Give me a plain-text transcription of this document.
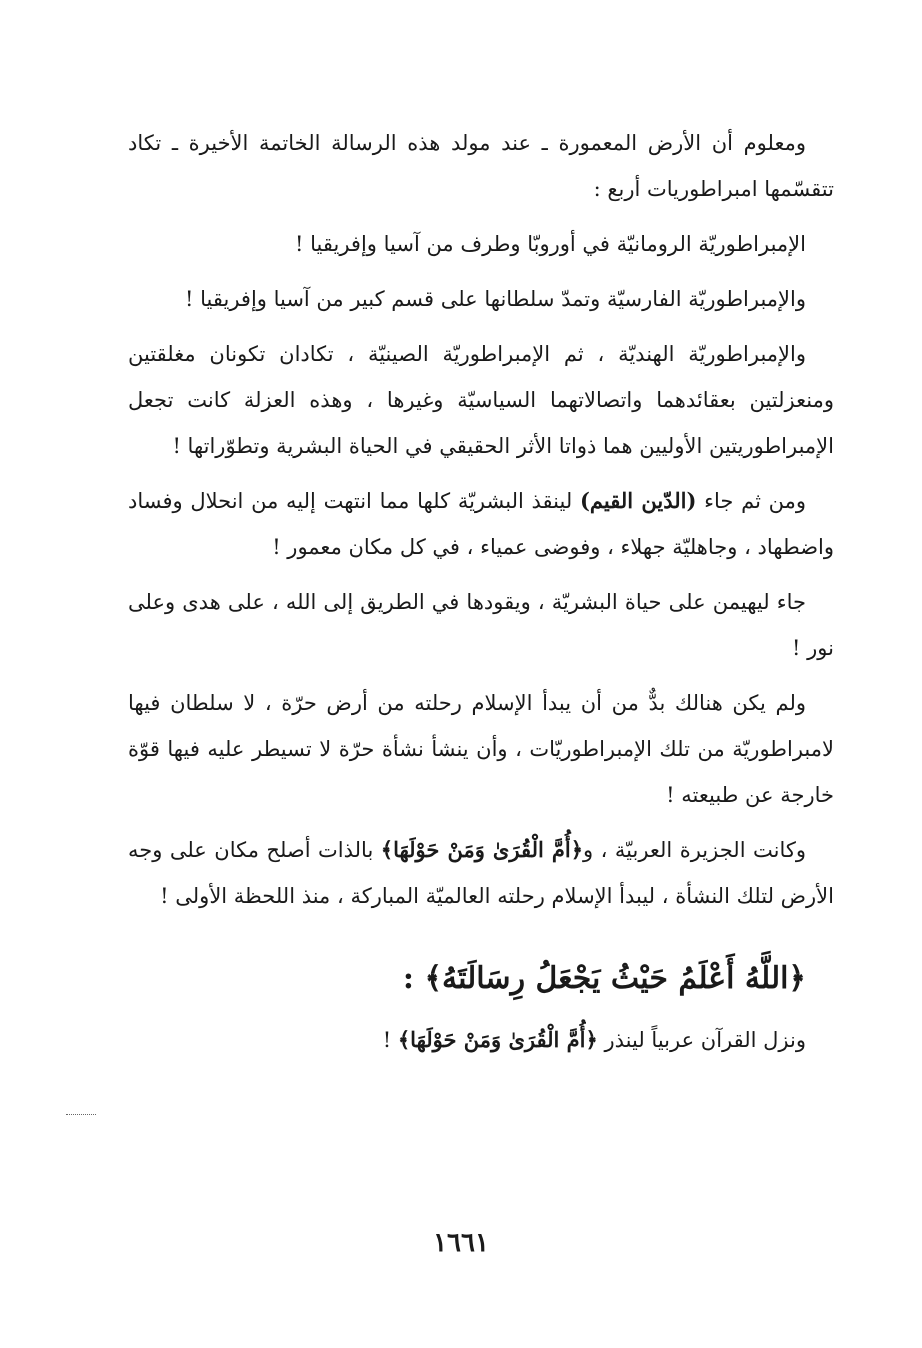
ومعلوم أن الأرض المعمورة ـ عند مولد هذه الرسالة الخاتمة الأخيرة ـ تكاد تتقسّمها امبراطوريات أربع :

الإمبراطوريّة الرومانيّة في أوروبّا وطرف من آسيا وإفريقيا !

والإمبراطوريّة الفارسيّة وتمدّ سلطانها على قسم كبير من آسيا وإفريقيا !

والإمبراطوريّة الهنديّة ، ثم الإمبراطوريّة الصينيّة ، تكادان تكونان مغلقتين ومنعزلتين بعقائدهما واتصالاتهما السياسيّة وغيرها ، وهذه العزلة كانت تجعل الإمبراطوريتين الأوليين هما ذواتا الأثر الحقيقي في الحياة البشرية وتطوّراتها !

ومن ثم جاء (الدّين القيم) لينقذ البشريّة كلها مما انتهت إليه من انحلال وفساد واضطهاد ، وجاهليّة جهلاء ، وفوضى عمياء ، في كل مكان معمور !

جاء ليهيمن على حياة البشريّة ، ويقودها في الطريق إلى الله ، على هدى وعلى نور !

ولم يكن هنالك بدٌّ من أن يبدأ الإسلام رحلته من أرض حرّة ، لا سلطان فيها لامبراطوريّة من تلك الإمبراطوريّات ، وأن ينشأ نشأة حرّة لا تسيطر عليه فيها قوّة خارجة عن طبيعته !

وكانت الجزيرة العربيّة ، و﴿أُمَّ الْقُرَىٰ وَمَنْ حَوْلَهَا﴾ بالذات أصلح مكان على وجه الأرض لتلك النشأة ، ليبدأ الإسلام رحلته العالميّة المباركة ، منذ اللحظة الأولى !

﴿اللَّهُ أَعْلَمُ حَيْثُ يَجْعَلُ رِسَالَتَهُ﴾ :

ونزل القرآن عربياً لينذر ﴿أُمَّ الْقُرَىٰ وَمَنْ حَوْلَهَا﴾ !

١٦٦١
